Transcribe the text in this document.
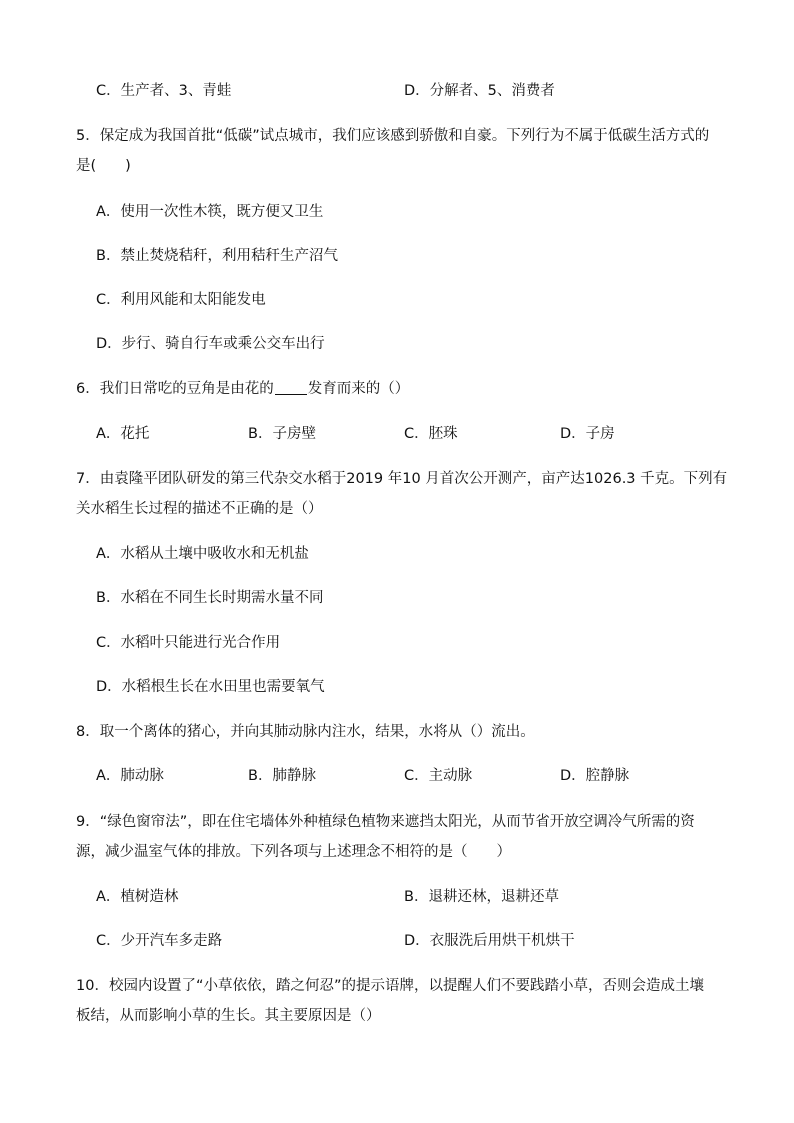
C．生产者、3、青蛙	D．分解者、5、消费者
5．保定成为我国首批“低碳”试点城市，我们应该感到骄傲和自豪。下列行为不属于低碳生活方式的
是(　　)
A．使用一次性木筷，既方便又卫生
B．禁止焚烧秸秆，利用秸秆生产沼气
C．利用风能和太阳能发电
D．步行、骑自行车或乘公交车出行
6．我们日常吃的豆角是由花的 发育而来的（）
A．花托	B．子房壁	C．胚珠	D．子房
7．由袁隆平团队研发的第三代杂交水稻于2019 年10 月首次公开测产，亩产达1026.3 千克。下列有
关水稻生长过程的描述不正确的是（）
A．水稻从土壤中吸收水和无机盐
B．水稻在不同生长时期需水量不同
C．水稻叶只能进行光合作用
D．水稻根生长在水田里也需要氧气
8．取一个离体的猪心，并向其肺动脉内注水，结果，水将从（）流出。
A．肺动脉	B．肺静脉	C．主动脉	D．腔静脉
9．“绿色窗帘法”，即在住宅墙体外种植绿色植物来遮挡太阳光，从而节省开放空调冷气所需的资
源，减少温室气体的排放。下列各项与上述理念不相符的是（　　）
A．植树造林	B．退耕还林，退耕还草
C．少开汽车多走路	D．衣服洗后用烘干机烘干
10．校园内设置了“小草依依，踏之何忍”的提示语牌，以提醒人们不要践踏小草，否则会造成土壤
板结，从而影响小草的生长。其主要原因是（）
